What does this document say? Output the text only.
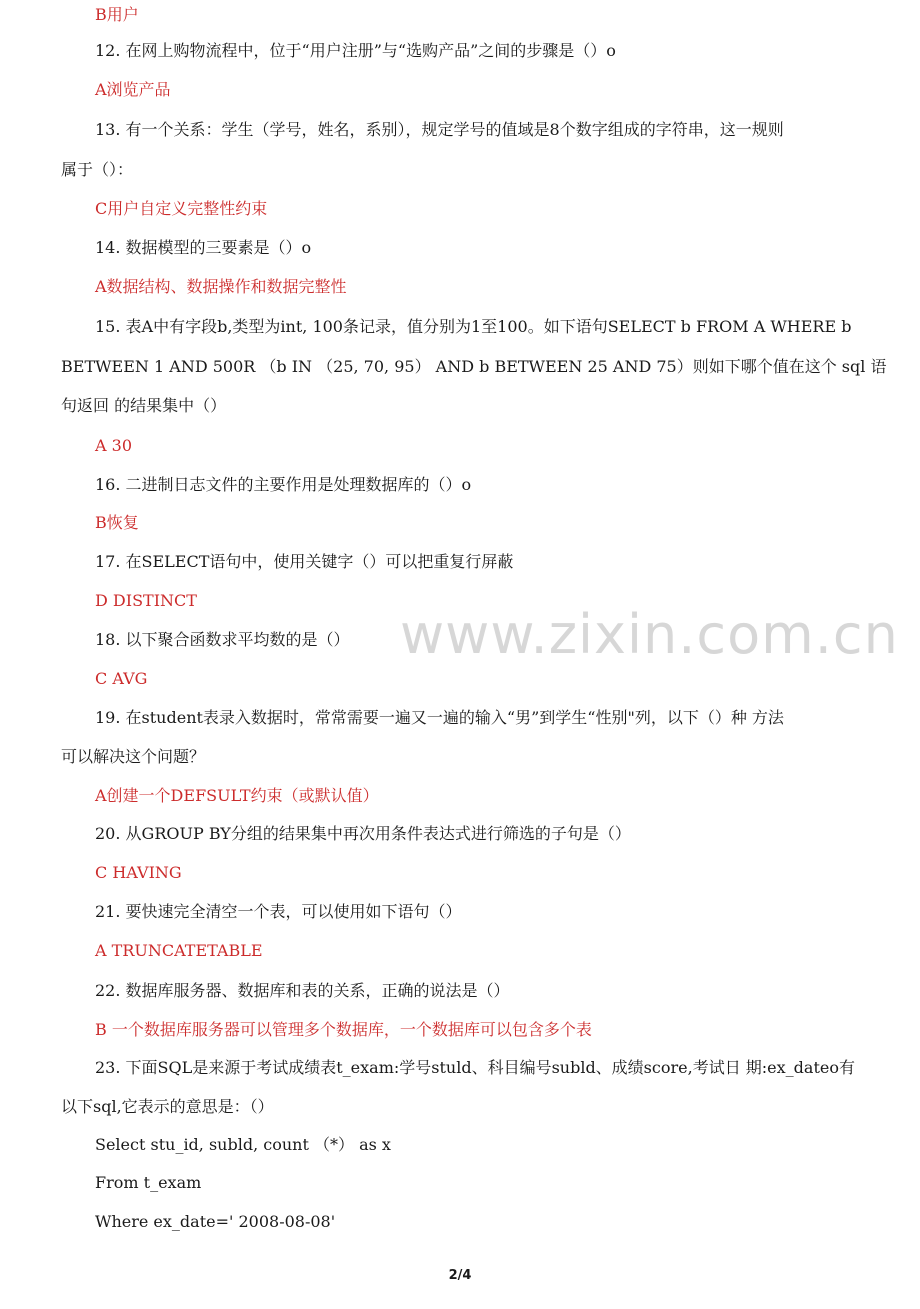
B用户
12. 在网上购物流程中，位于“用户注册”与“选购产品”之间的步骤是（）o
A浏览产品
13. 有一个关系：学生（学号，姓名，系别），规定学号的值域是8个数字组成的字符串，这一规则
属于（）：
C用户自定义完整性约束
14. 数据模型的三要素是（）o
A数据结构、数据操作和数据完整性
15. 表A中有字段b,类型为int, 100条记录，值分别为1至100。如下语句SELECT b FROM A WHERE b
BETWEEN 1 AND 500R （b IN （25, 70, 95） AND b BETWEEN 25 AND 75）则如下哪个值在这个 sql 语
句返回 的结果集中（）
A 30
16. 二进制日志文件的主要作用是处理数据库的（）o
B恢复
17. 在SELECT语句中，使用关键字（）可以把重复行屏蔽
D DISTINCT
18. 以下聚合函数求平均数的是（）
C AVG
19. 在student表录入数据时，常常需要一遍又一遍的输入“男”到学生“性别"列，以下（）种 方法
可以解决这个问题？
A创建一个DEFSULT约束（或默认值）
20. 从GROUP BY分组的结果集中再次用条件表达式进行筛选的子句是（）
C HAVING
21. 要快速完全清空一个表，可以使用如下语句（）
A TRUNCATETABLE
22. 数据库服务器、数据库和表的关系，正确的说法是（）
B 一个数据库服务器可以管理多个数据库，一个数据库可以包含多个表
23. 下面SQL是来源于考试成绩表t_exam:学号stuld、科目编号subld、成绩score,考试日 期:ex_dateo有
以下sql,它表示的意思是：（）
Select stu_id, subld, count （*） as x
From t_exam
Where ex_date=' 2008-08-08'
www.zixin.com.cn
2/4
